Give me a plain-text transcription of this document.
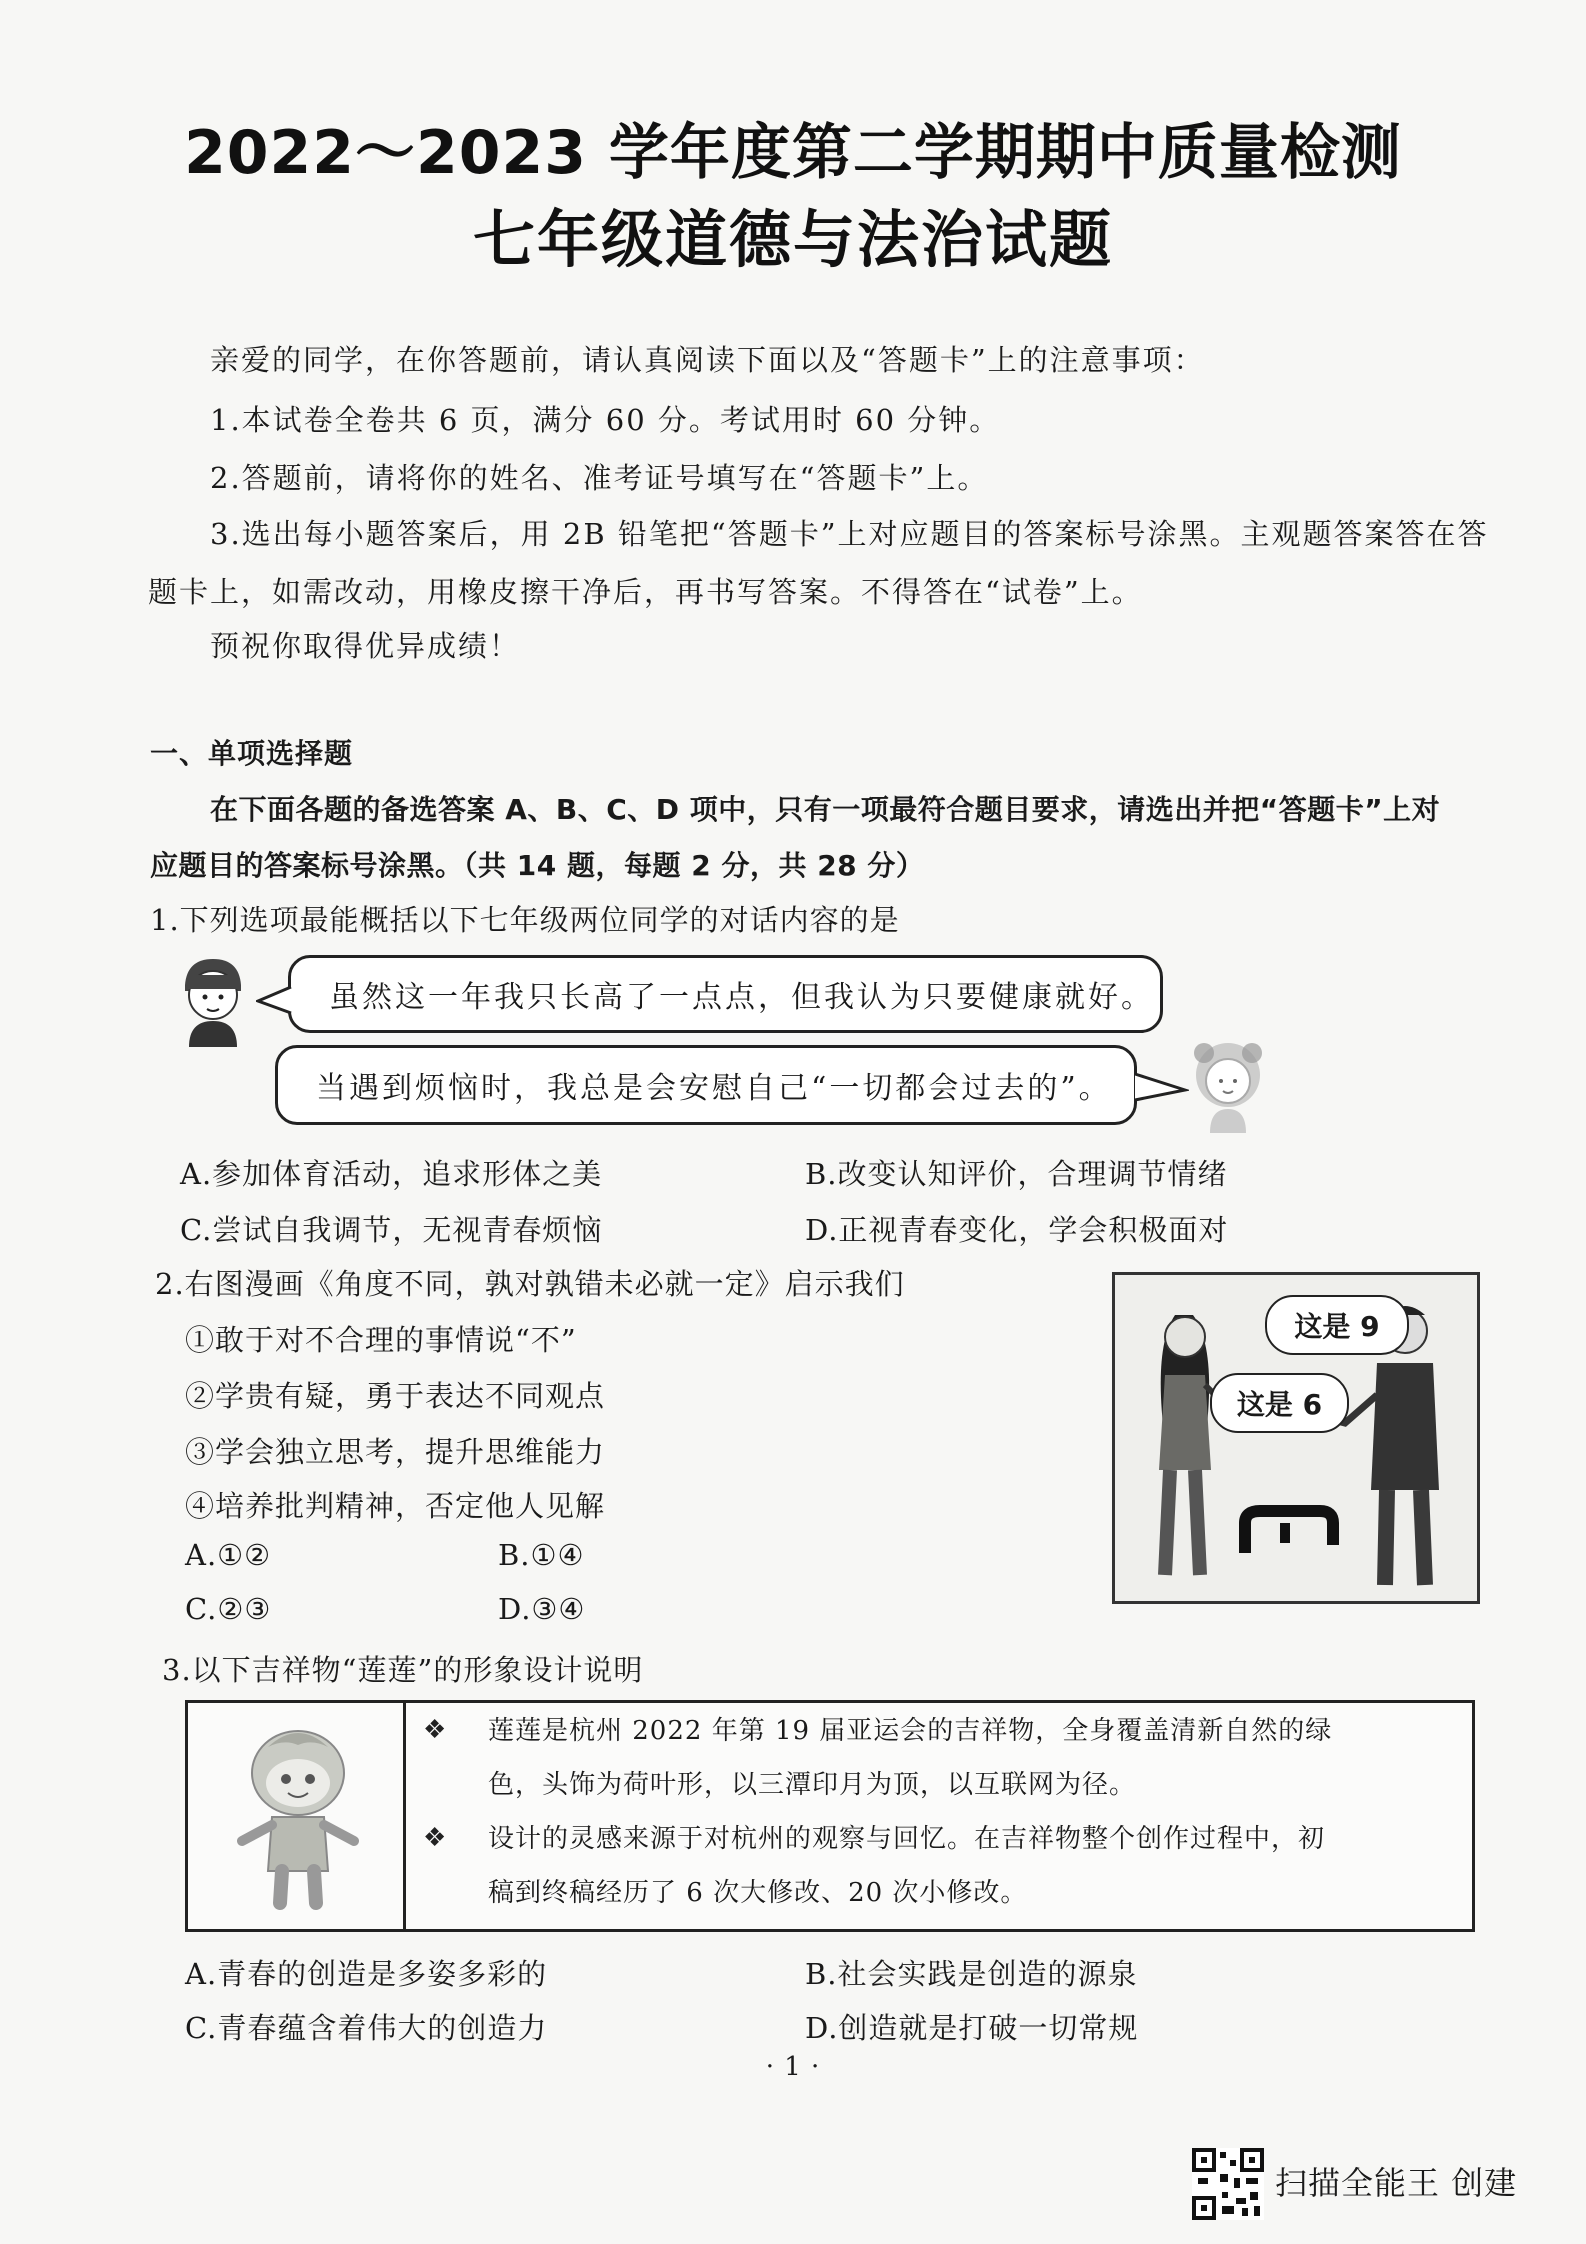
2022～2023 学年度第二学期期中质量检测
七年级道德与法治试题
亲爱的同学，在你答题前，请认真阅读下面以及“答题卡”上的注意事项：
1.本试卷全卷共 6 页，满分 60 分。考试用时 60 分钟。
2.答题前，请将你的姓名、准考证号填写在“答题卡”上。
3.选出每小题答案后，用 2B 铅笔把“答题卡”上对应题目的答案标号涂黑。主观题答案答在答
题卡上，如需改动，用橡皮擦干净后，再书写答案。不得答在“试卷”上。
预祝你取得优异成绩！
一、单项选择题
在下面各题的备选答案 A、B、C、D 项中，只有一项最符合题目要求，请选出并把“答题卡”上对
应题目的答案标号涂黑。（共 14 题，每题 2 分，共 28 分）
1.下列选项最能概括以下七年级两位同学的对话内容的是
虽然这一年我只长高了一点点，但我认为只要健康就好。
当遇到烦恼时，我总是会安慰自己“一切都会过去的”。
A.参加体育活动，追求形体之美	B.改变认知评价，合理调节情绪
C.尝试自我调节，无视青春烦恼	D.正视青春变化，学会积极面对
2.右图漫画《角度不同，孰对孰错未必就一定》启示我们
①敢于对不合理的事情说“不”
②学贵有疑，勇于表达不同观点
③学会独立思考，提升思维能力
④培养批判精神，否定他人见解
A.①②	B.①④
C.②③	D.③④
这是 9
这是 6
3.以下吉祥物“莲莲”的形象设计说明
❖ 莲莲是杭州 2022 年第 19 届亚运会的吉祥物，全身覆盖清新自然的绿
色，头饰为荷叶形，以三潭印月为顶，以互联网为径。
❖ 设计的灵感来源于对杭州的观察与回忆。在吉祥物整个创作过程中，初
稿到终稿经历了 6 次大修改、20 次小修改。
A.青春的创造是多姿多彩的	B.社会实践是创造的源泉
C.青春蕴含着伟大的创造力	D.创造就是打破一切常规
· 1 ·
扫描全能王 创建
